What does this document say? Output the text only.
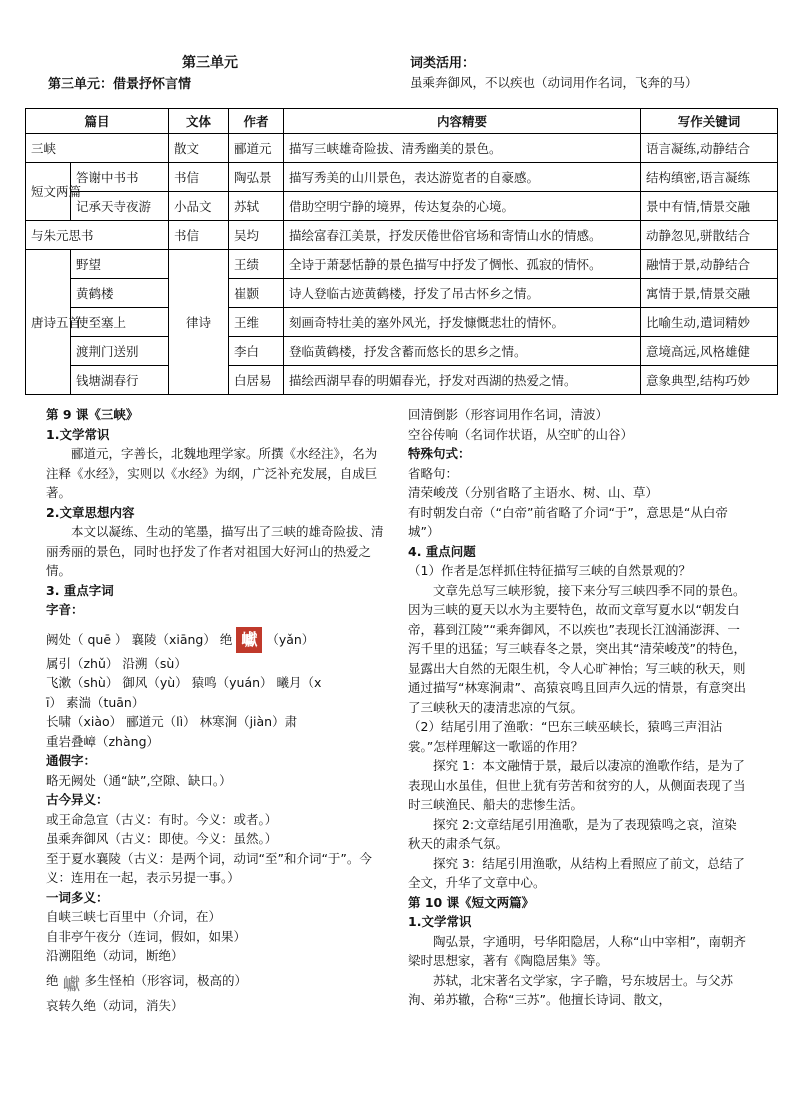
第三单元
第三单元：借景抒怀言情
词类活用：
虽乘奔御风，不以疾也（动词用作名词，飞奔的马）
篇目		文体	作者	内容精要	写作关键词
三峡		散文	郦道元	描写三峡雄奇险拔、清秀幽美的景色。	语言凝练,动静结合
短文两篇	答谢中书书	书信	陶弘景	描写秀美的山川景色，表达游览者的自豪感。	结构缜密,语言凝练
	记承天寺夜游	小品文	苏轼	借助空明宁静的境界，传达复杂的心境。	景中有情,情景交融
与朱元思书		书信	吴均	描绘富春江美景，抒发厌倦世俗官场和寄情山水的情感。	动静忽见,骈散结合
唐诗五首	野望	律诗	王绩	全诗于萧瑟恬静的景色描写中抒发了惆怅、孤寂的情怀。	融情于景,动静结合
	黄鹤楼		崔颢	诗人登临古迹黄鹤楼，抒发了吊古怀乡之情。	寓情于景,情景交融
	使至塞上		王维	刻画奇特壮美的塞外风光，抒发慷慨悲壮的情怀。	比喻生动,遣词精妙
	渡荆门送别		李白	登临黄鹤楼，抒发含蓄而悠长的思乡之情。	意境高远,风格雄健
	钱塘湖春行		白居易	描绘西湖早春的明媚春光，抒发对西湖的热爱之情。	意象典型,结构巧妙

第 9 课《三峡》

1.文学常识

郦道元，字善长，北魏地理学家。所撰《水经注》，名为注释《水经》，实则以《水经》为纲，广泛补充发展，自成巨著。

2.文章思想内容

本文以凝练、生动的笔墨，描写出了三峡的雄奇险拔、清丽秀丽的景色，同时也抒发了作者对祖国大好河山的热爱之情。

3. 重点字词

字音：

阙处（ quē ） 襄陵（xiāng） 绝 巘 （yǎn）

属引（zhǔ） 沿溯（sù）

飞漱（shù） 御风（yù） 猿鸣（yuán） 曦月（x

ī） 素湍（tuān）

长啸（xiào） 郦道元（lì） 林寒涧（jiàn）肃

重岩叠嶂（zhàng）

通假字：

略无阙处（通“缺”,空隙、缺口。）

古今异义：

或王命急宣（古义：有时。今义：或者。）

虽乘奔御风（古义：即使。今义：虽然。）

至于夏水襄陵（古义：是两个词，动词“至”和介词“于”。今义：连用在一起，表示另提一事。）

一词多义：

自峡三峡七百里中（介词，在）

自非亭午夜分（连词，假如，如果）

沿溯阻绝（动词，断绝）

绝 巘 多生怪柏（形容词，极高的）

哀转久绝（动词，消失）

回清倒影（形容词用作名词，清波）

空谷传响（名词作状语，从空旷的山谷）

特殊句式：

省略句：

清荣峻茂（分别省略了主语水、树、山、草）

有时朝发白帝（“白帝”前省略了介词“于”，意思是“从白帝城”）

4. 重点问题

（1）作者是怎样抓住特征描写三峡的自然景观的？

文章先总写三峡形貌，接下来分写三峡四季不同的景色。因为三峡的夏天以水为主要特色，故而文章写夏水以“朝发白帝，暮到江陵”“乘奔御风，不以疾也”表现长江汹涌澎湃、一泻千里的迅猛；写三峡春冬之景，突出其“清荣峻茂”的特色，显露出大自然的无限生机，令人心旷神怡；写三峡的秋天，则通过描写“林寒涧肃”、高猿哀鸣且回声久远的情景，有意突出了三峡秋天的凄清悲凉的气氛。

（2）结尾引用了渔歌：“巴东三峡巫峡长，猿鸣三声泪沾裳。”怎样理解这一歌谣的作用？

探究 1：本文融情于景，最后以凄凉的渔歌作结，是为了表现山水虽佳，但世上犹有劳苦和贫穷的人，从侧面表现了当时三峡渔民、船夫的悲惨生活。

探究 2:文章结尾引用渔歌，是为了表现猿鸣之哀，渲染秋天的肃杀气氛。

探究 3：结尾引用渔歌，从结构上看照应了前文，总结了全文，升华了文章中心。

第 10 课《短文两篇》

1.文学常识

陶弘景，字通明，号华阳隐居，人称“山中宰相”，南朝齐梁时思想家，著有《陶隐居集》等。

苏轼，北宋著名文学家，字子瞻，号东坡居士。与父苏洵、弟苏辙，合称“三苏”。他擅长诗词、散文，
